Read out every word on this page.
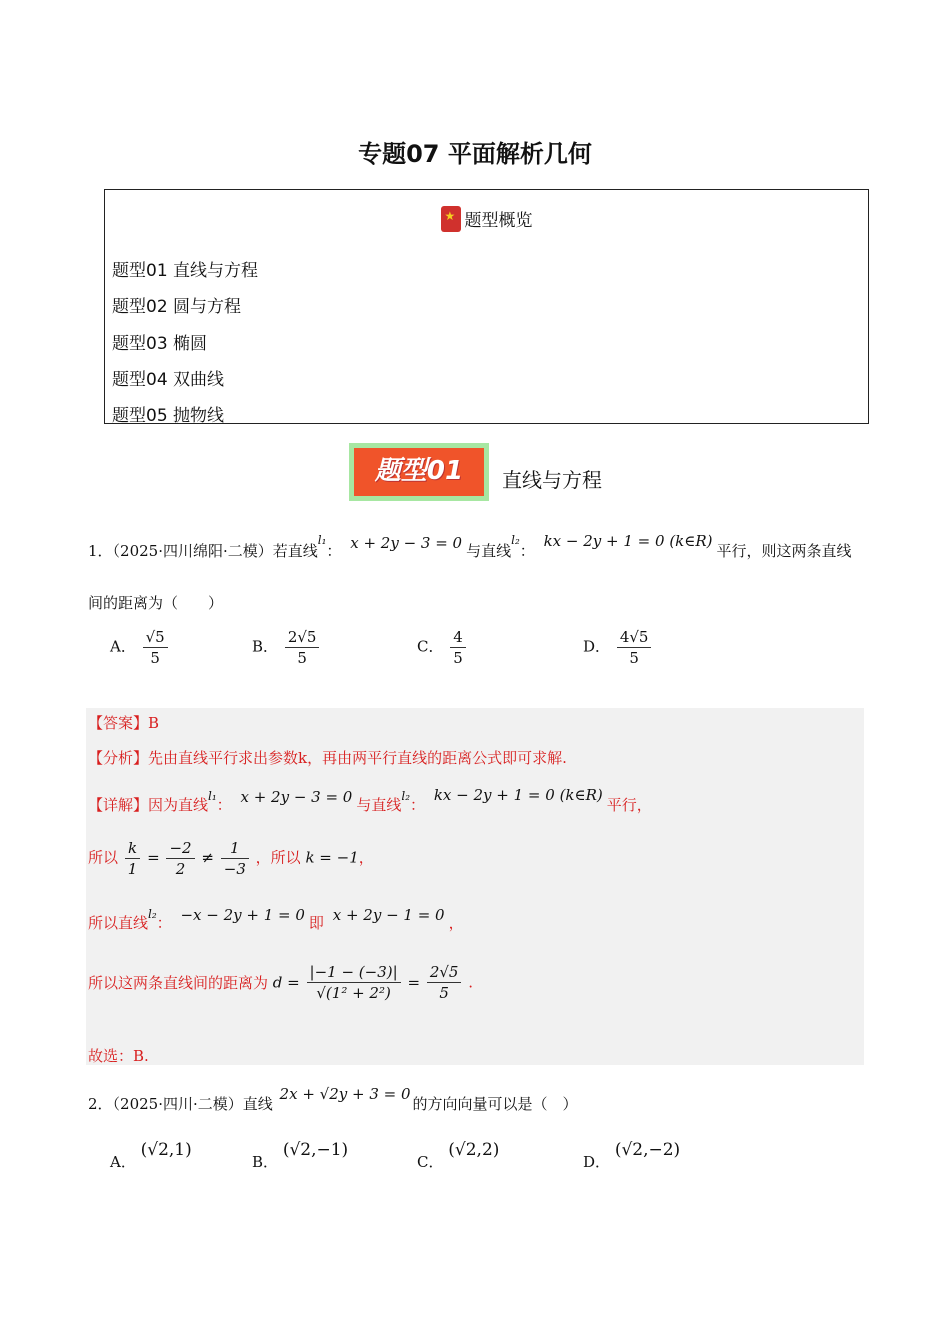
专题07 平面解析几何
★题型概览
题型01 直线与方程
题型02 圆与方程
题型03 椭圆
题型04 双曲线
题型05 抛物线
题型01	直线与方程
1．（2025·四川绵阳·二模）若直线$_{l_1}$： x + 2y − 3 = 0 与直线$_{l_2}$： kx − 2y + 1 = 0 (k∈R)平行，则这两条直线
间的距离为（　　）
A． $\frac{√5}{5}$	B． $\frac{2√5}{5}$	C． $\frac{4}{5}$	D． $\frac{4√5}{5}$
【答案】B
【分析】先由直线平行求出参数k，再由两平行直线的距离公式即可求解.
【详解】因为直线$_{l_1}$： x + 2y − 3 = 0 与直线$_{l_2}$： kx − 2y + 1 = 0 (k∈R)平行，
所以 $\frac{k}{1} = \frac{-2}{2} \ne \frac{1}{-3}$ ，所以 k = −1，
所以直线$_{l_2}$： −x − 2y + 1 = 0 即 x + 2y − 1 = 0 ，
所以这两条直线间的距离为 $d = \frac{|-1 - (-3)|}{\text{√(1² + 2²)}} = \frac{2√5}{5}$ .
故选：B.
2．（2025·四川·二模）直线 2x + √2y + 3 = 0的方向向量可以是（　）
A． (√2,1)
B． (√2,−1)
C． (√2,2)
D． (√2,−2)
